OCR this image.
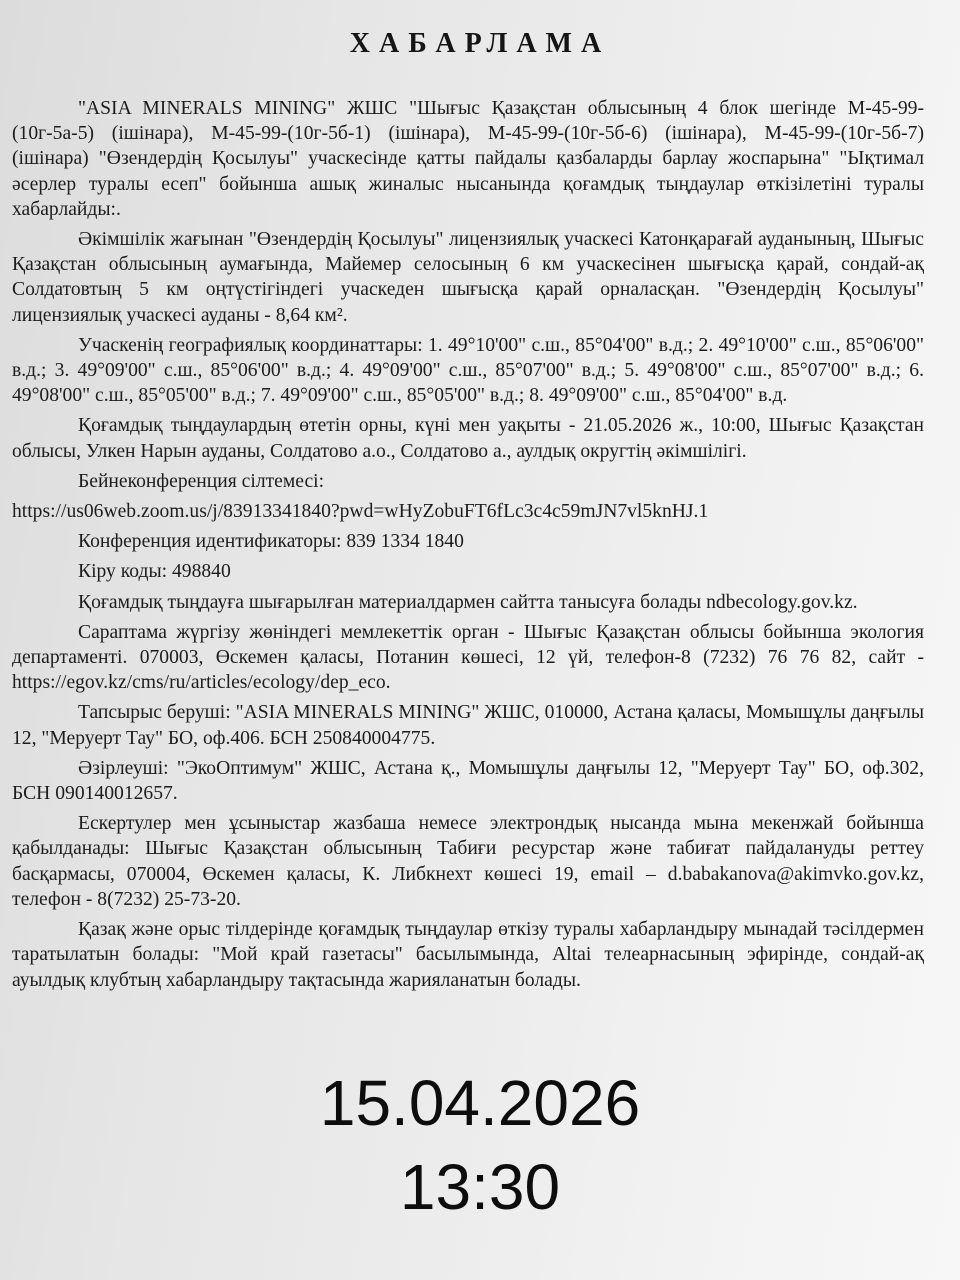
ХАБАРЛАМА

"ASIA MINERALS MINING" ЖШС "Шығыс Қазақстан облысының 4 блок шегінде М-45-99- (10г-5а-5) (ішінара), М-45-99-(10г-5б-1) (ішінара), М-45-99-(10г-5б-6) (ішінара), М-45-99-(10г-5б-7) (ішінара) "Өзендердің Қосылуы" учаскесінде қатты пайдалы қазбаларды барлау жоспарына" "Ықтимал әсерлер туралы есеп" бойынша ашық жиналыс нысанында қоғамдық тыңдаулар өткізілетіні туралы хабарлайды:.

Әкімшілік жағынан "Өзендердің Қосылуы" лицензиялық учаскесі Катонқарағай ауданының, Шығыс Қазақстан облысының аумағында, Майемер селосының 6 км учаскесінен шығысқа қарай, сондай-ақ Солдатовтың 5 км оңтүстігіндегі учаскеден шығысқа қарай орналасқан. "Өзендердің Қосылуы" лицензиялық учаскесі ауданы - 8,64 км².

Учаскенің географиялық координаттары: 1. 49°10'00" с.ш., 85°04'00" в.д.; 2. 49°10'00" с.ш., 85°06'00" в.д.; 3. 49°09'00" с.ш., 85°06'00" в.д.; 4. 49°09'00" с.ш., 85°07'00" в.д.; 5. 49°08'00" с.ш., 85°07'00" в.д.; 6. 49°08'00" с.ш., 85°05'00" в.д.; 7. 49°09'00" с.ш., 85°05'00" в.д.; 8. 49°09'00" с.ш., 85°04'00" в.д.

Қоғамдық тыңдаулардың өтетін орны, күні мен уақыты - 21.05.2026 ж., 10:00, Шығыс Қазақстан облысы, Улкен Нарын ауданы, Солдатово а.о., Солдатово а., аулдық округтің әкімшілігі.

Бейнеконференция сілтемесі:

https://us06web.zoom.us/j/83913341840?pwd=wHyZobuFT6fLc3c4c59mJN7vl5knHJ.1

Конференция идентификаторы: 839 1334 1840

Кіру коды: 498840

Қоғамдық тыңдауға шығарылған материалдармен сайтта танысуға болады ndbecology.gov.kz.

Сараптама жүргізу жөніндегі мемлекеттік орган - Шығыс Қазақстан облысы бойынша экология департаменті. 070003, Өскемен қаласы, Потанин көшесі, 12 үй, телефон-8 (7232) 76 76 82, сайт - https://egov.kz/cms/ru/articles/ecology/dep_eco.

Тапсырыс беруші: "ASIA MINERALS MINING" ЖШС, 010000, Астана қаласы, Момышұлы даңғылы 12, "Меруерт Тау" БО, оф.406. БСН 250840004775.

Әзірлеуші: "ЭкоОптимум" ЖШС, Астана қ., Момышұлы даңғылы 12, "Меруерт Тау" БО, оф.302, БСН 090140012657.

Ескертулер мен ұсыныстар жазбаша немесе электрондық нысанда мына мекенжай бойынша қабылданады: Шығыс Қазақстан облысының Табиғи ресурстар және табиғат пайдалануды реттеу басқармасы, 070004, Өскемен қаласы, К. Либкнехт көшесі 19, email – d.babakanova@akimvko.gov.kz, телефон - 8(7232) 25-73-20.

Қазақ және орыс тілдерінде қоғамдық тыңдаулар өткізу туралы хабарландыру мынадай тәсілдермен таратылатын болады: "Мой край газетасы" басылымында, Altai телеарнасының эфирінде, сондай-ақ ауылдық клубтың хабарландыру тақтасында жарияланатын болады.

15.04.2026
13:30
